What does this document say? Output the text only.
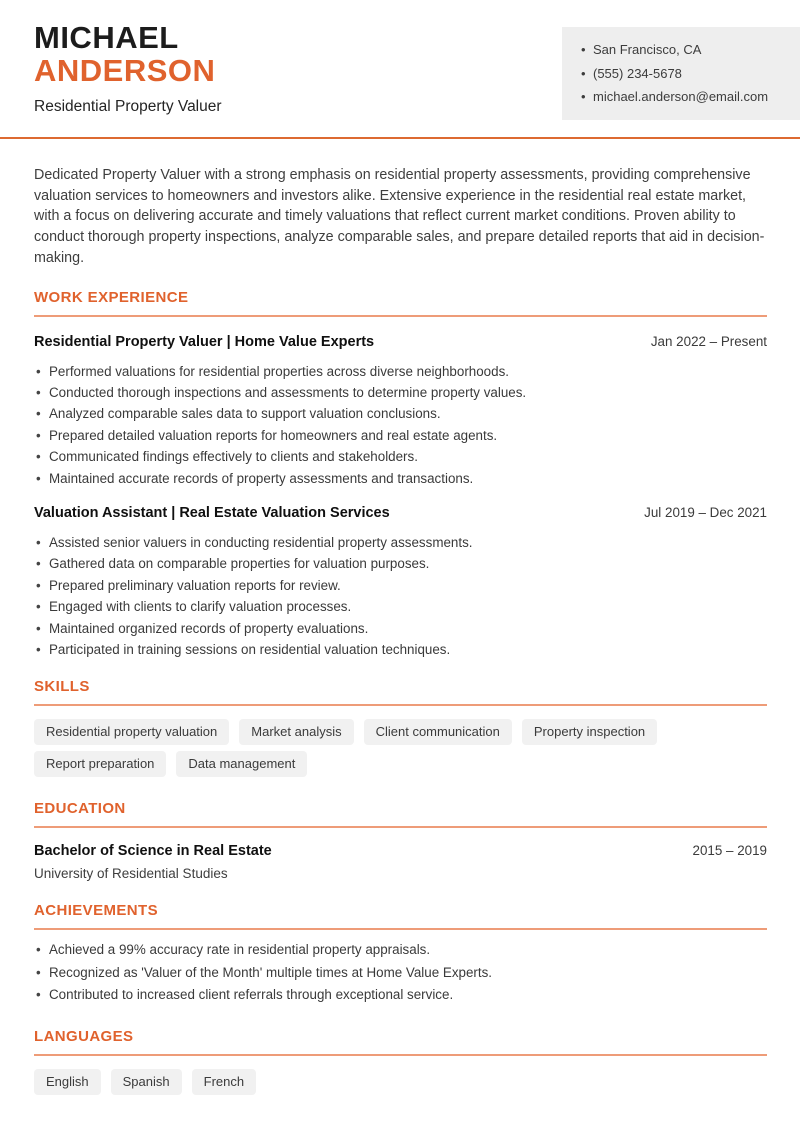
MICHAEL
ANDERSON
Residential Property Valuer
• San Francisco, CA
• (555) 234-5678
• michael.anderson@email.com

Dedicated Property Valuer with a strong emphasis on residential property assessments, providing comprehensive valuation services to homeowners and investors alike. Extensive experience in the residential real estate market, with a focus on delivering accurate and timely valuations that reflect current market conditions. Proven ability to conduct thorough property inspections, analyze comparable sales, and prepare detailed reports that aid in decision-making.

WORK EXPERIENCE
Residential Property Valuer | Home Value Experts	Jan 2022 – Present
• Performed valuations for residential properties across diverse neighborhoods.
• Conducted thorough inspections and assessments to determine property values.
• Analyzed comparable sales data to support valuation conclusions.
• Prepared detailed valuation reports for homeowners and real estate agents.
• Communicated findings effectively to clients and stakeholders.
• Maintained accurate records of property assessments and transactions.
Valuation Assistant | Real Estate Valuation Services	Jul 2019 – Dec 2021
• Assisted senior valuers in conducting residential property assessments.
• Gathered data on comparable properties for valuation purposes.
• Prepared preliminary valuation reports for review.
• Engaged with clients to clarify valuation processes.
• Maintained organized records of property evaluations.
• Participated in training sessions on residential valuation techniques.
SKILLS
Residential property valuation	Market analysis	Client communication	Property inspection
Report preparation	Data management
EDUCATION
Bachelor of Science in Real Estate	2015 – 2019
University of Residential Studies
ACHIEVEMENTS
• Achieved a 99% accuracy rate in residential property appraisals.
• Recognized as 'Valuer of the Month' multiple times at Home Value Experts.
• Contributed to increased client referrals through exceptional service.
LANGUAGES
English	Spanish	French
